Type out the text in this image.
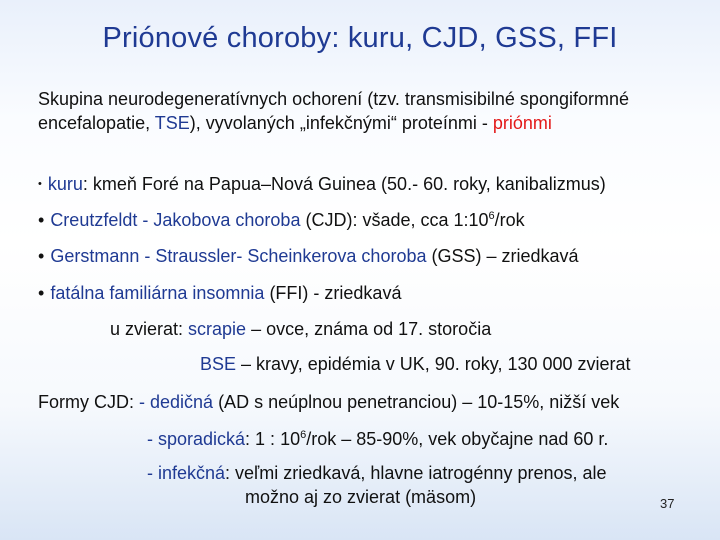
Priónové choroby: kuru, CJD, GSS, FFI
Skupina neurodegeneratívnych ochorení (tzv. transmisibilné spongiformné
encefalopatie, TSE), vyvolaných „infekčnými“ proteínmi - priónmi
• kuru: kmeň Foré na Papua–Nová Guinea (50.- 60. roky, kanibalizmus)
• Creutzfeldt - Jakobova choroba (CJD): všade, cca $1:10^6$/rok
• Gerstmann - Straussler- Scheinkerova choroba (GSS) – zriedkavá
• fatálna familiárna insomnia (FFI) - zriedkavá
u zvierat: scrapie – ovce, známa od 17. storočia
BSE – kravy, epidémia v UK, 90. roky, 130 000 zvierat
Formy CJD: - dedičná (AD s neúplnou penetranciou) – 10-15%, nižší vek
- sporadická: 1 : $10^6$/rok – 85-90%, vek obyčajne nad 60 r.
- infekčná: veľmi zriedkavá, hlavne iatrogénny prenos, ale
možno aj zo zvierat (mäsom)	37
